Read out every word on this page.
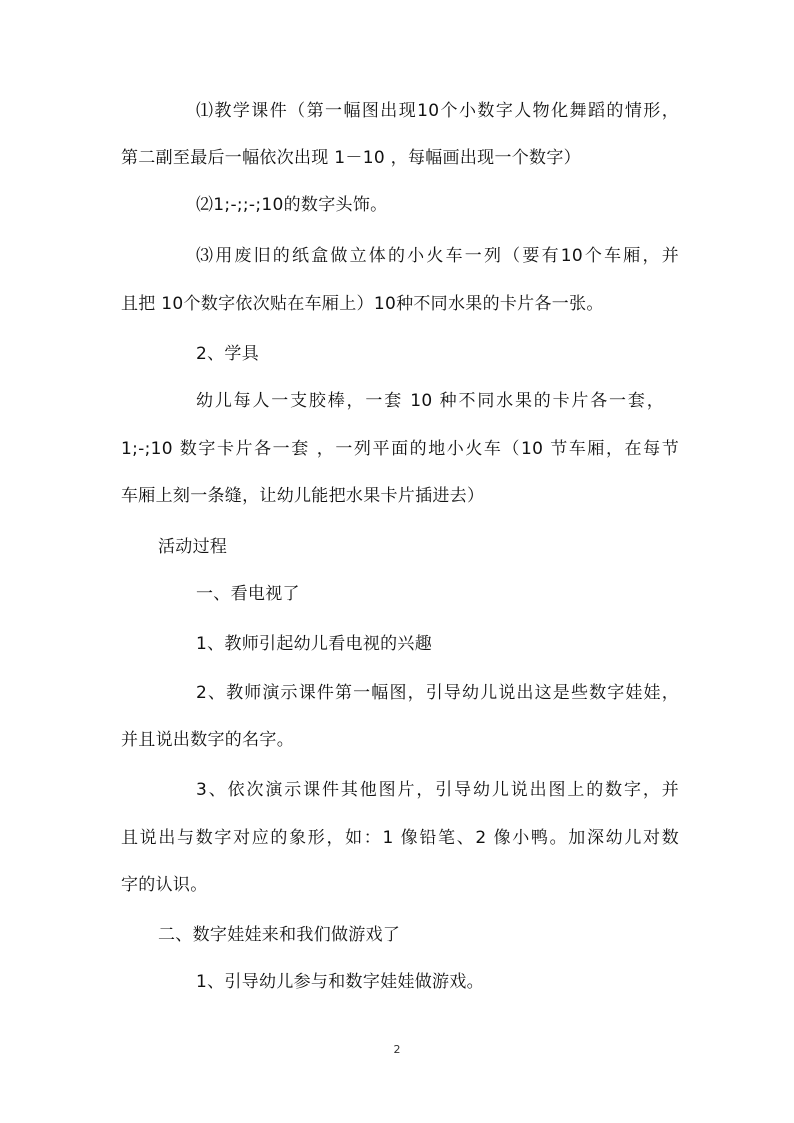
⑴教学课件（第一幅图出现10个小数字人物化舞蹈的情形，
第二副至最后一幅依次出现 1－10 ，每幅画出现一个数字）
⑵1;-;;-;10的数字头饰。
⑶用废旧的纸盒做立体的小火车一列（要有10个车厢，并
且把 10个数字依次贴在车厢上）10种不同水果的卡片各一张。
2、学具
幼儿每人一支胶棒，一套 10 种不同水果的卡片各一套，
1;-;10 数字卡片各一套 ，一列平面的地小火车（10 节车厢，在每节
车厢上刻一条缝，让幼儿能把水果卡片插进去）
活动过程
一、看电视了
1、教师引起幼儿看电视的兴趣
2、教师演示课件第一幅图，引导幼儿说出这是些数字娃娃，
并且说出数字的名字。
3、依次演示课件其他图片，引导幼儿说出图上的数字，并
且说出与数字对应的象形，如：1 像铅笔、2 像小鸭。加深幼儿对数
字的认识。
二、数字娃娃来和我们做游戏了
1、引导幼儿参与和数字娃娃做游戏。
2
